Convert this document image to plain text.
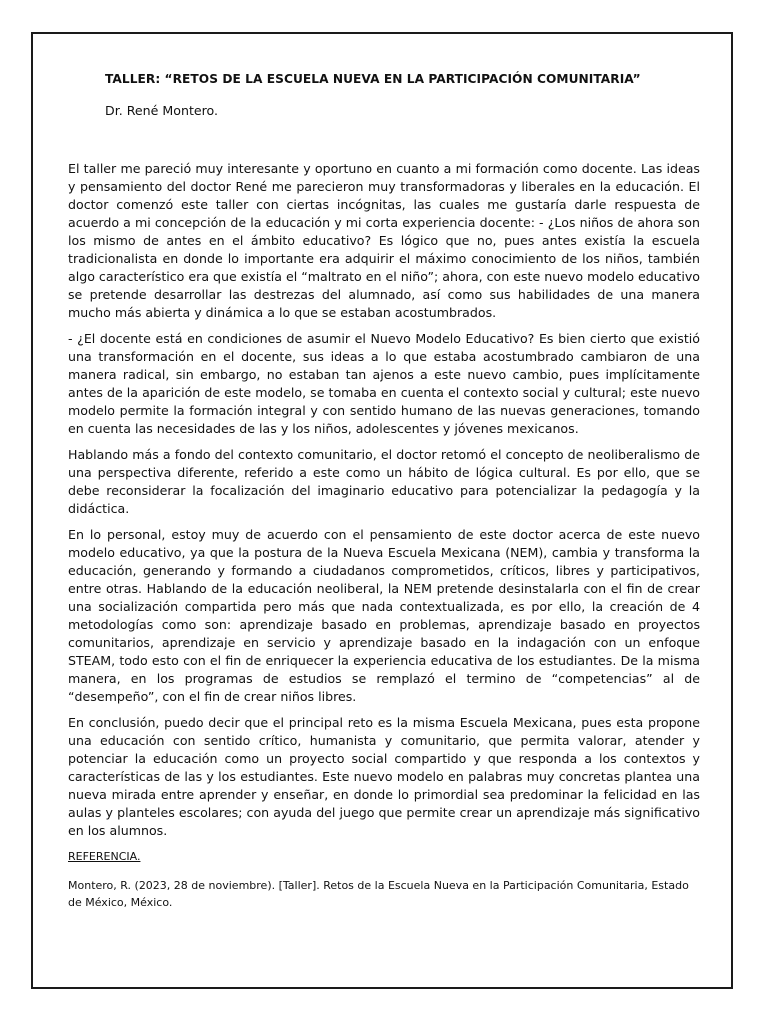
TALLER: “RETOS DE LA ESCUELA NUEVA EN LA PARTICIPACIÓN COMUNITARIA”

Dr. René Montero.

El taller me pareció muy interesante y oportuno en cuanto a mi formación como docente. Las ideas y pensamiento del doctor René me parecieron muy transformadoras y liberales en la educación. El doctor comenzó este taller con ciertas incógnitas, las cuales me gustaría darle respuesta de acuerdo a mi concepción de la educación y mi corta experiencia docente: - ¿Los niños de ahora son los mismo de antes en el ámbito educativo? Es lógico que no, pues antes existía la escuela tradicionalista en donde lo importante era adquirir el máximo conocimiento de los niños, también algo característico era que existía el “maltrato en el niño”; ahora, con este nuevo modelo educativo se pretende desarrollar las destrezas del alumnado, así como sus habilidades de una manera mucho más abierta y dinámica a lo que se estaban acostumbrados.

- ¿El docente está en condiciones de asumir el Nuevo Modelo Educativo? Es bien cierto que existió una transformación en el docente, sus ideas a lo que estaba acostumbrado cambiaron de una manera radical, sin embargo, no estaban tan ajenos a este nuevo cambio, pues implícitamente antes de la aparición de este modelo, se tomaba en cuenta el contexto social y cultural; este nuevo modelo permite la formación integral y con sentido humano de las nuevas generaciones, tomando en cuenta las necesidades de las y los niños, adolescentes y jóvenes mexicanos.

Hablando más a fondo del contexto comunitario, el doctor retomó el concepto de neoliberalismo de una perspectiva diferente, referido a este como un hábito de lógica cultural. Es por ello, que se debe reconsiderar la focalización del imaginario educativo para potencializar la pedagogía y la didáctica.

En lo personal, estoy muy de acuerdo con el pensamiento de este doctor acerca de este nuevo modelo educativo, ya que la postura de la Nueva Escuela Mexicana (NEM), cambia y transforma la educación, generando y formando a ciudadanos comprometidos, críticos, libres y participativos, entre otras. Hablando de la educación neoliberal, la NEM pretende desinstalarla con el fin de crear una socialización compartida pero más que nada contextualizada, es por ello, la creación de 4 metodologías como son: aprendizaje basado en problemas, aprendizaje basado en proyectos comunitarios, aprendizaje en servicio y aprendizaje basado en la indagación con un enfoque STEAM, todo esto con el fin de enriquecer la experiencia educativa de los estudiantes. De la misma manera, en los programas de estudios se remplazó el termino de “competencias” al de “desempeño”, con el fin de crear niños libres.

En conclusión, puedo decir que el principal reto es la misma Escuela Mexicana, pues esta propone una educación con sentido crítico, humanista y comunitario, que permita valorar, atender y potenciar la educación como un proyecto social compartido y que responda a los contextos y características de las y los estudiantes. Este nuevo modelo en palabras muy concretas plantea una nueva mirada entre aprender y enseñar, en donde lo primordial sea predominar la felicidad en las aulas y planteles escolares; con ayuda del juego que permite crear un aprendizaje más significativo en los alumnos.

REFERENCIA.

Montero, R. (2023, 28 de noviembre). [Taller]. Retos de la Escuela Nueva en la Participación Comunitaria, Estado de México, México.
